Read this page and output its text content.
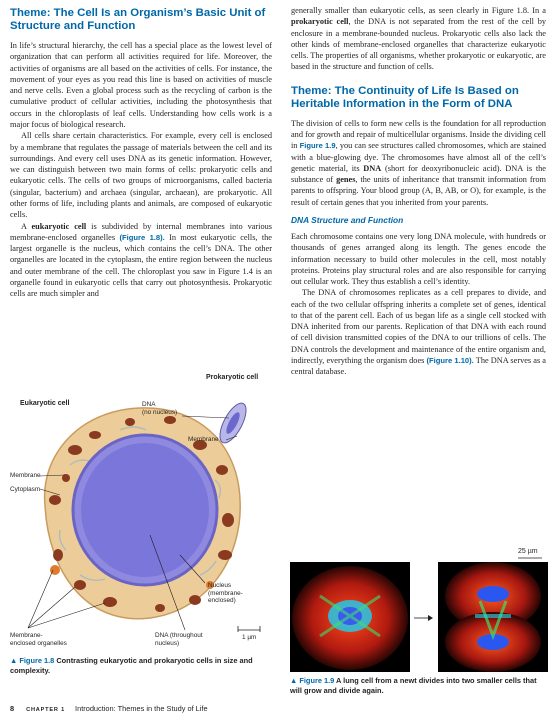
Theme: The Cell Is an Organism’s Basic Unit of Structure and Function

In life’s structural hierarchy, the cell has a special place as the lowest level of organization that can perform all activities required for life. Moreover, the activities of organisms are all based on the activities of cells. For instance, the movement of your eyes as you read this line is based on activities of muscle and nerve cells. Even a global process such as the recycling of carbon is the cumulative product of cellular activities, including the photosynthesis that occurs in the chloroplasts of leaf cells. Understanding how cells work is a major focus of biological research.

All cells share certain characteristics. For example, every cell is enclosed by a membrane that regulates the passage of materials between the cell and its surroundings. And every cell uses DNA as its genetic information. However, we can distinguish between two main forms of cells: prokaryotic cells and eukaryotic cells. The cells of two groups of microorganisms, called bacteria (singular, bacterium) and archaea (singular, archaean), are prokaryotic. All other forms of life, including plants and animals, are composed of eukaryotic cells.

A eukaryotic cell is subdivided by internal membranes into various membrane-enclosed organelles (Figure 1.8). In most eukaryotic cells, the largest organelle is the nucleus, which contains the cell’s DNA. The other organelles are located in the cytoplasm, the entire region between the nucleus and outer membrane of the cell. The chloroplast you saw in Figure 1.4 is an organelle found in eukaryotic cells that carry out photosynthesis. Prokaryotic cells are much simpler and

Eukaryotic cell
Prokaryotic cell
DNA
(no nucleus)
Membrane
Membrane
Cytoplasm
Nucleus
(membrane-
enclosed)
Membrane-
enclosed organelles
DNA (throughout
nucleus)
1 µm
▲ Figure 1.8 Contrasting eukaryotic and prokaryotic cells in size and complexity.

generally smaller than eukaryotic cells, as seen clearly in Figure 1.8. In a prokaryotic cell, the DNA is not separated from the rest of the cell by enclosure in a membrane-bounded nucleus. Prokaryotic cells also lack the other kinds of membrane-enclosed organelles that characterize eukaryotic cells. The properties of all organisms, whether prokaryotic or eukaryotic, are based in the structure and function of cells.

Theme: The Continuity of Life Is Based on Heritable Information in the Form of DNA

The division of cells to form new cells is the foundation for all reproduction and for growth and repair of multicellular organisms. Inside the dividing cell in Figure 1.9, you can see structures called chromosomes, which are stained with a blue-glowing dye. The chromosomes have almost all of the cell’s genetic material, its DNA (short for deoxyribonucleic acid). DNA is the substance of genes, the units of inheritance that transmit information from parents to offspring. Your blood group (A, B, AB, or O), for example, is the result of certain genes that you inherited from your parents.

DNA Structure and Function

Each chromosome contains one very long DNA molecule, with hundreds or thousands of genes arranged along its length. The genes encode the information necessary to build other molecules in the cell, most notably proteins. Proteins play structural roles and are also responsible for carrying out cellular work. They thus establish a cell’s identity.

The DNA of chromosomes replicates as a cell prepares to divide, and each of the two cellular offspring inherits a complete set of genes, identical to that of the parent cell. Each of us began life as a single cell stocked with DNA inherited from our parents. Replication of that DNA with each round of cell division transmitted copies of the DNA to our trillions of cells. The DNA controls the development and maintenance of the entire organism and, indirectly, everything the organism does (Figure 1.10). The DNA serves as a central database.

25 µm
▲ Figure 1.9 A lung cell from a newt divides into two smaller cells that will grow and divide again.
8 CHAPTER 1 Introduction: Themes in the Study of Life
